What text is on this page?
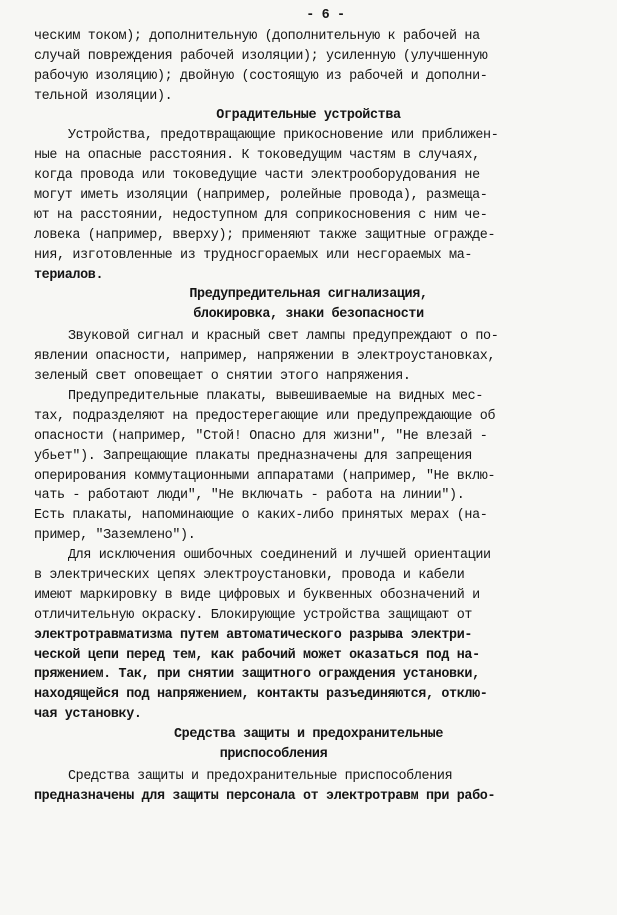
- 6 -
ческим током); дополнительную (дополнительную к рабочей на
случай повреждения рабочей изоляции); усиленную (улучшенную
рабочую изоляцию); двойную (состоящую из рабочей и дополни-
тельной изоляции).
Оградительные устройства
Устройства, предотвращающие прикосновение или приближен-
ные на опасные расстояния. К токоведущим частям в случаях,
когда провода или токоведущие части электрооборудования не
могут иметь изоляции (например, ролейные провода), размеща-
ют на расстоянии, недоступном для соприкосновения с ним че-
ловека (например, вверху); применяют также защитные огражде-
ния, изготовленные из трудносгораемых или несгораемых ма-
териалов.
Предупредительная сигнализация,
блокировка, знаки безопасности
Звуковой сигнал и красный свет лампы предупреждают о по-
явлении опасности, например, напряжении в электроустановках,
зеленый свет оповещает о снятии этого напряжения.
Предупредительные плакаты, вывешиваемые на видных мес-
тах, подразделяют на предостерегающие или предупреждающие об
опасности (например, "Стой! Опасно для жизни", "Не влезай -
убьет"). Запрещающие плакаты предназначены для запрещения
оперирования коммутационными аппаратами (например, "Не вклю-
чать - работают люди", "Не включать - работа на линии").
Есть плакаты, напоминающие о каких-либо принятых мерах (на-
пример, "Заземлено").
Для исключения ошибочных соединений и лучшей ориентации
в электрических цепях электроустановки, провода и кабели
имеют маркировку в виде цифровых и буквенных обозначений и
отличительную окраску. Блокирующие устройства защищают от
электротравматизма путем автоматического разрыва электри-
ческой цепи перед тем, как рабочий может оказаться под на-
пряжением. Так, при снятии защитного ограждения установки,
находящейся под напряжением, контакты разъединяются, отклю-
чая установку.
Средства защиты и предохранительные
приспособления
Средства защиты и предохранительные приспособления
предназначены для защиты персонала от электротравм при рабо-
